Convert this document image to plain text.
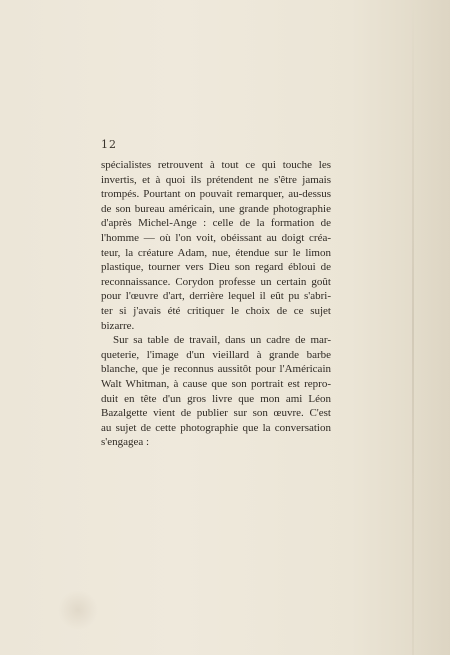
12

spécialistes retrouvent à tout ce qui touche les
invertis, et à quoi ils prétendent ne s'être jamais
trompés. Pourtant on pouvait remarquer, au-dessus
de son bureau américain, une grande photographie
d'après Michel-Ange : celle de la formation de
l'homme — où l'on voit, obéissant au doigt créa-
teur, la créature Adam, nue, étendue sur le limon
plastique, tourner vers Dieu son regard ébloui de
reconnaissance. Corydon professe un certain goût
pour l'œuvre d'art, derrière lequel il eût pu s'abri-
ter si j'avais été critiquer le choix de ce sujet
bizarre.

Sur sa table de travail, dans un cadre de mar-
queterie, l'image d'un vieillard à grande barbe
blanche, que je reconnus aussitôt pour l'Américain
Walt Whitman, à cause que son portrait est repro-
duit en tête d'un gros livre que mon ami Léon
Bazalgette vient de publier sur son œuvre. C'est
au sujet de cette photographie que la conversation
s'engagea :
